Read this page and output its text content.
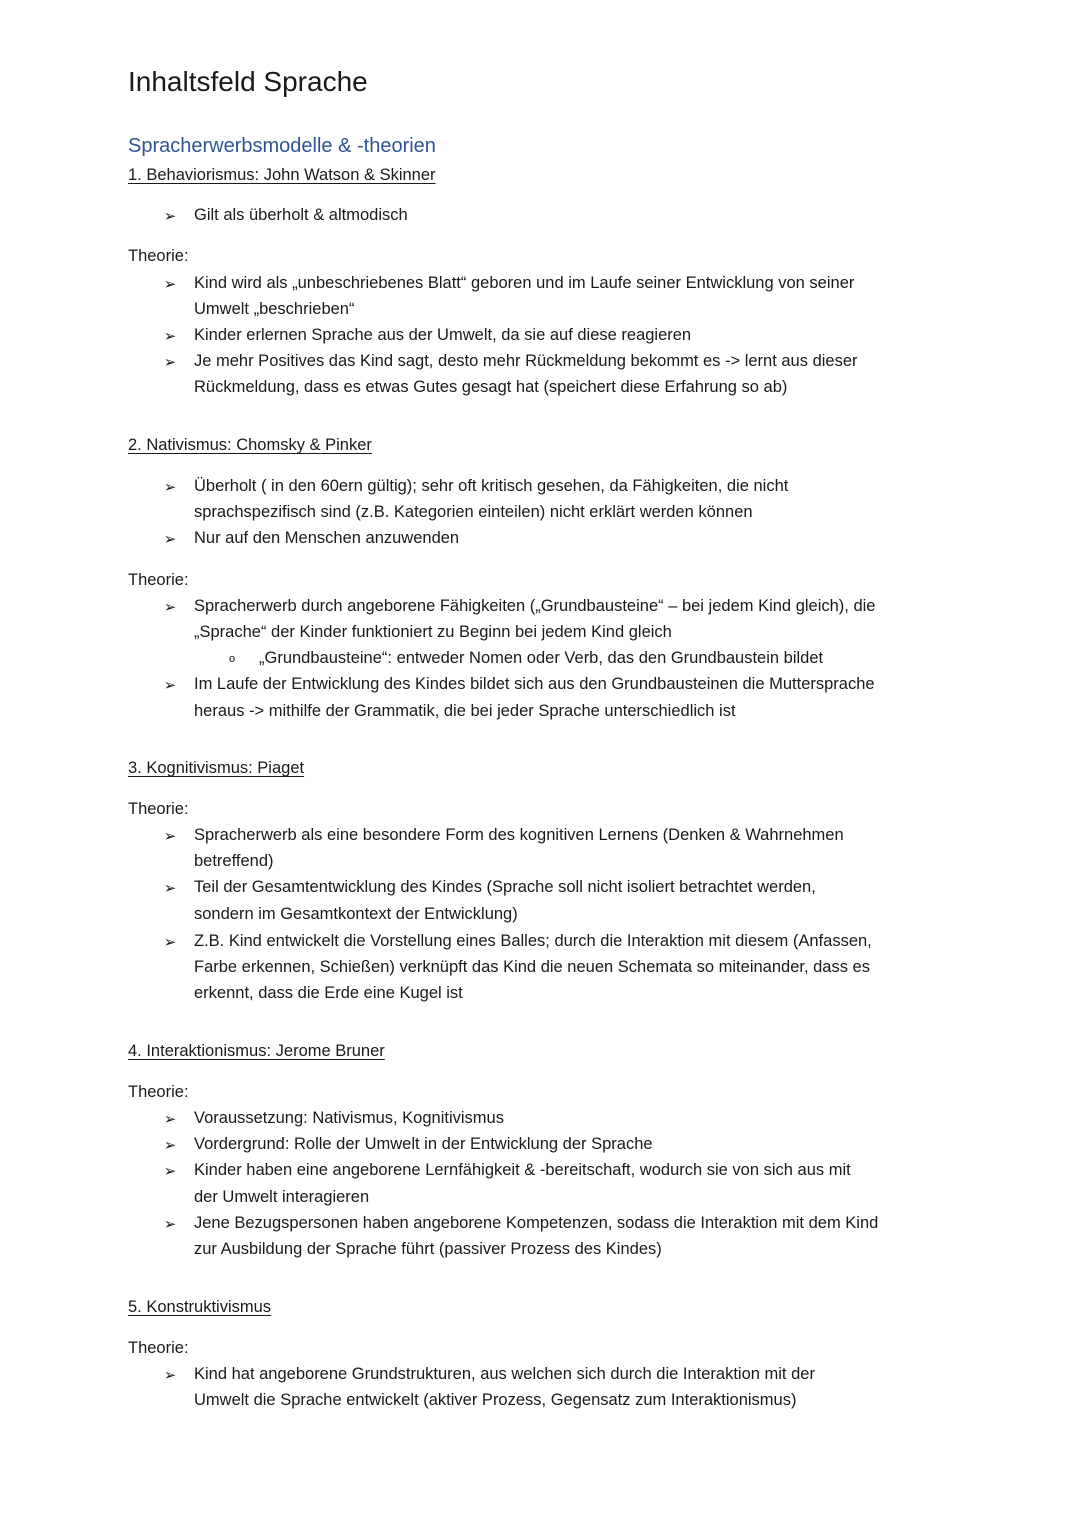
Inhaltsfeld Sprache
Spracherwerbsmodelle & -theorien
1. Behaviorismus: John Watson & Skinner
➢ Gilt als überholt & altmodisch
Theorie:
➢ Kind wird als „unbeschriebenes Blatt“ geboren und im Laufe seiner Entwicklung von seiner
Umwelt „beschrieben“
➢ Kinder erlernen Sprache aus der Umwelt, da sie auf diese reagieren
➢ Je mehr Positives das Kind sagt, desto mehr Rückmeldung bekommt es -> lernt aus dieser
Rückmeldung, dass es etwas Gutes gesagt hat (speichert diese Erfahrung so ab)
2. Nativismus: Chomsky & Pinker
➢ Überholt ( in den 60ern gültig); sehr oft kritisch gesehen, da Fähigkeiten, die nicht
sprachspezifisch sind (z.B. Kategorien einteilen) nicht erklärt werden können
➢ Nur auf den Menschen anzuwenden
Theorie:
➢ Spracherwerb durch angeborene Fähigkeiten („Grundbausteine“ – bei jedem Kind gleich), die
„Sprache“ der Kinder funktioniert zu Beginn bei jedem Kind gleich
o „Grundbausteine“: entweder Nomen oder Verb, das den Grundbaustein bildet
➢ Im Laufe der Entwicklung des Kindes bildet sich aus den Grundbausteinen die Muttersprache
heraus -> mithilfe der Grammatik, die bei jeder Sprache unterschiedlich ist
3. Kognitivismus: Piaget
Theorie:
➢ Spracherwerb als eine besondere Form des kognitiven Lernens (Denken & Wahrnehmen
betreffend)
➢ Teil der Gesamtentwicklung des Kindes (Sprache soll nicht isoliert betrachtet werden,
sondern im Gesamtkontext der Entwicklung)
➢ Z.B. Kind entwickelt die Vorstellung eines Balles; durch die Interaktion mit diesem (Anfassen,
Farbe erkennen, Schießen) verknüpft das Kind die neuen Schemata so miteinander, dass es
erkennt, dass die Erde eine Kugel ist
4. Interaktionismus: Jerome Bruner
Theorie:
➢ Voraussetzung: Nativismus, Kognitivismus
➢ Vordergrund: Rolle der Umwelt in der Entwicklung der Sprache
➢ Kinder haben eine angeborene Lernfähigkeit & -bereitschaft, wodurch sie von sich aus mit
der Umwelt interagieren
➢ Jene Bezugspersonen haben angeborene Kompetenzen, sodass die Interaktion mit dem Kind
zur Ausbildung der Sprache führt (passiver Prozess des Kindes)
5. Konstruktivismus
Theorie:
➢ Kind hat angeborene Grundstrukturen, aus welchen sich durch die Interaktion mit der
Umwelt die Sprache entwickelt (aktiver Prozess, Gegensatz zum Interaktionismus)
